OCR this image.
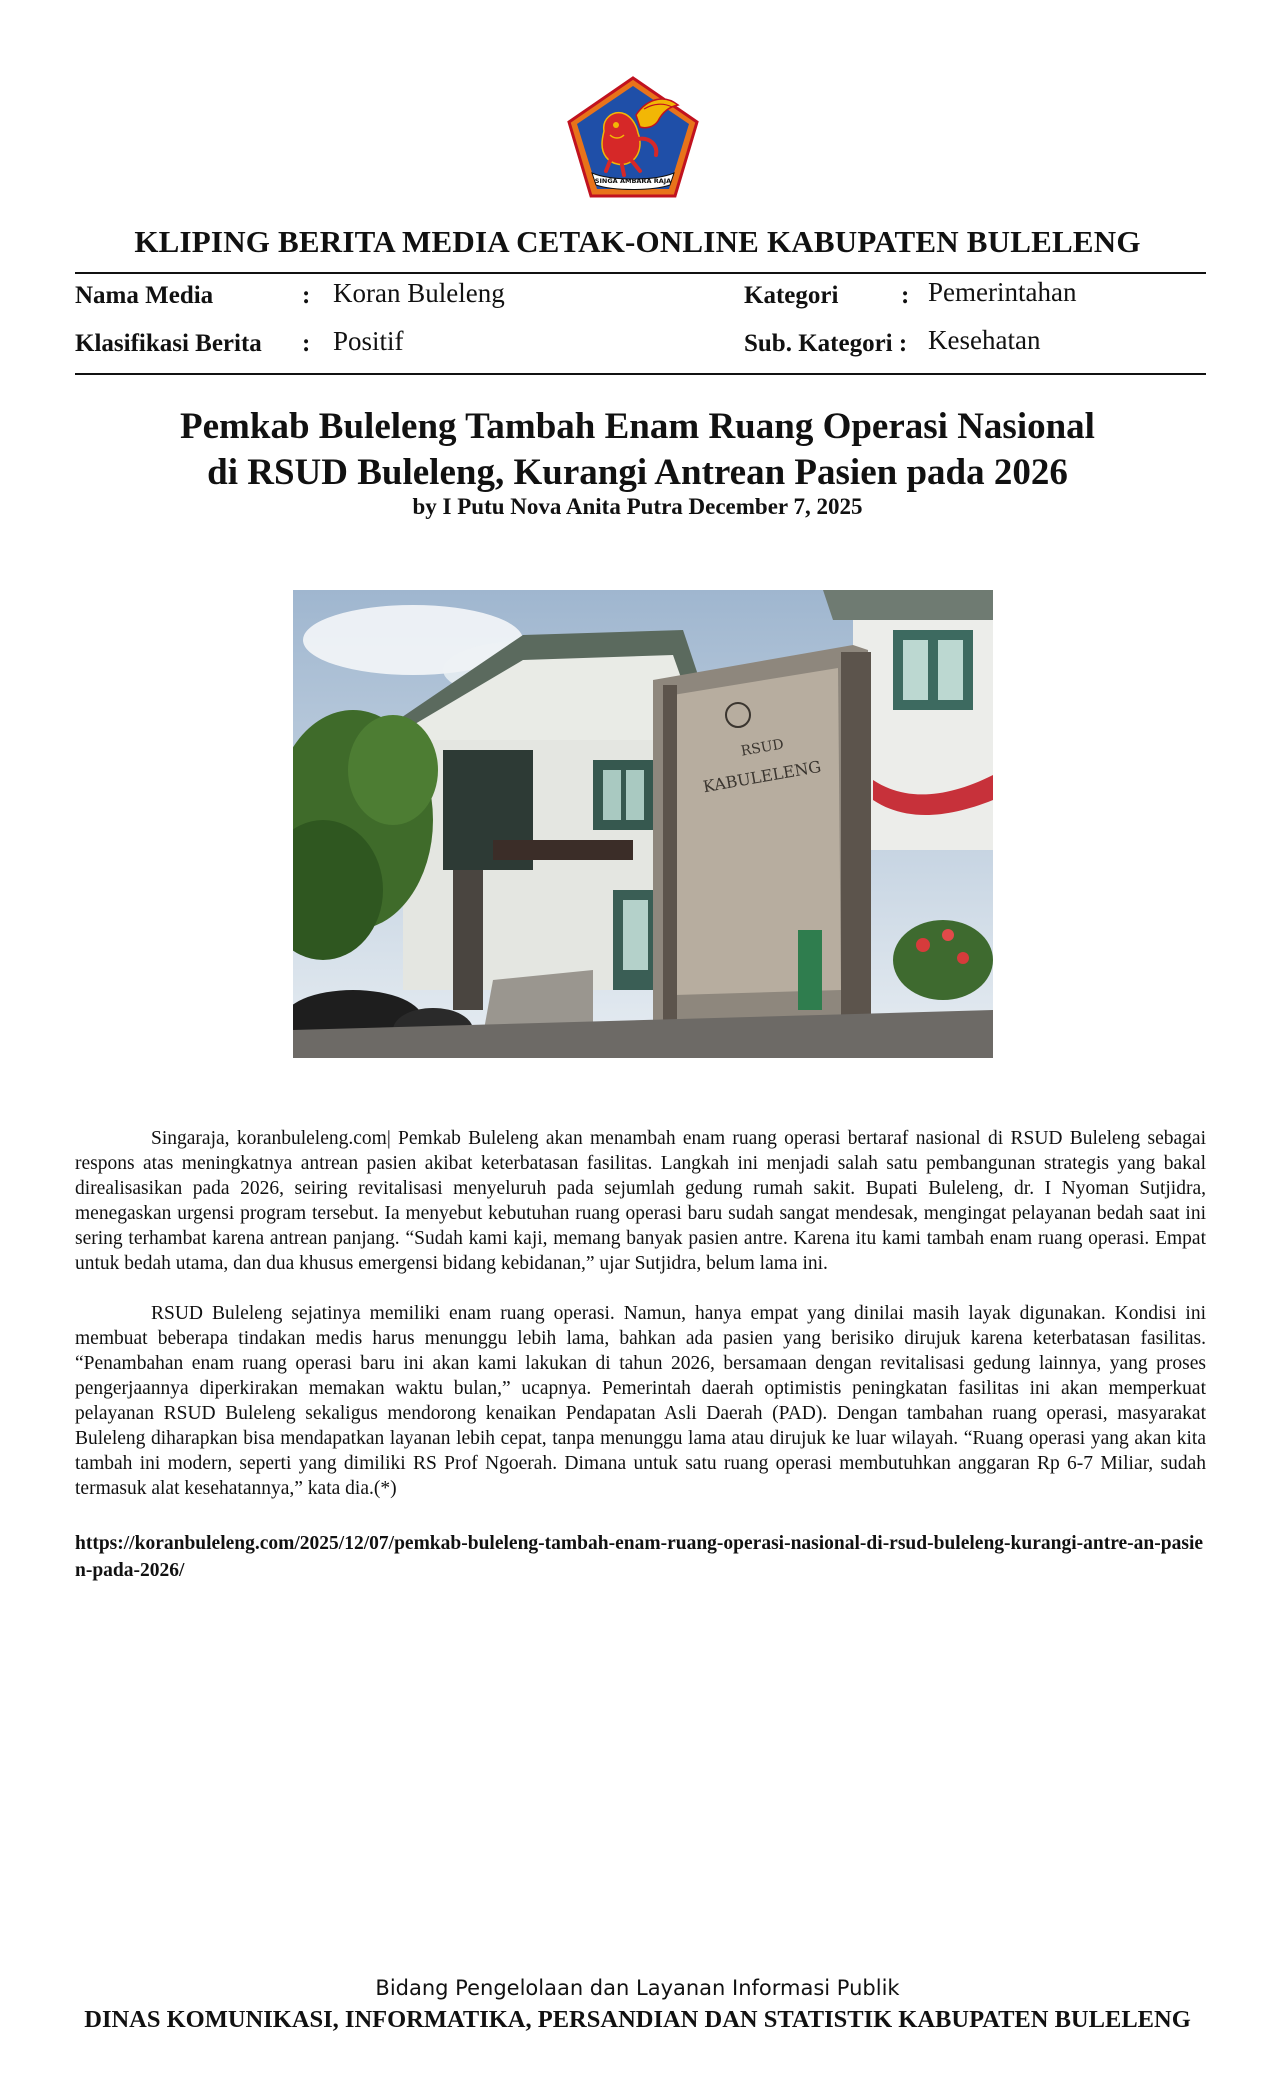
SINGA AMBARA RAJA
KLIPING BERITA MEDIA CETAK-ONLINE KABUPATEN BULELENG
Nama Media	: Koran Buleleng
Klasifikasi Berita : Positif
Kategori	: Pemerintahan
Sub. Kategori : Kesehatan
Pemkab Buleleng Tambah Enam Ruang Operasi Nasional
di RSUD Buleleng, Kurangi Antrean Pasien pada 2026
by I Putu Nova Anita Putra December 7, 2025
RSUD
KABULELENG

Singaraja, koranbuleleng.com| Pemkab Buleleng akan menambah enam ruang operasi bertaraf nasional di RSUD Buleleng sebagai respons atas meningkatnya antrean pasien akibat keterbatasan fasilitas. Langkah ini menjadi salah satu pembangunan strategis yang bakal direalisasikan pada 2026, seiring revitalisasi menyeluruh pada sejumlah gedung rumah sakit. Bupati Buleleng, dr. I Nyoman Sutjidra, menegaskan urgensi program tersebut. Ia menyebut kebutuhan ruang operasi baru sudah sangat mendesak, mengingat pelayanan bedah saat ini sering terhambat karena antrean panjang. “Sudah kami kaji, memang banyak pasien antre. Karena itu kami tambah enam ruang operasi. Empat untuk bedah utama, dan dua khusus emergensi bidang kebidanan,” ujar Sutjidra, belum lama ini.

RSUD Buleleng sejatinya memiliki enam ruang operasi. Namun, hanya empat yang dinilai masih layak digunakan. Kondisi ini membuat beberapa tindakan medis harus menunggu lebih lama, bahkan ada pasien yang berisiko dirujuk karena keterbatasan fasilitas. “Penambahan enam ruang operasi baru ini akan kami lakukan di tahun 2026, bersamaan dengan revitalisasi gedung lainnya, yang proses pengerjaannya diperkirakan memakan waktu bulan,” ucapnya. Pemerintah daerah optimistis peningkatan fasilitas ini akan memperkuat pelayanan RSUD Buleleng sekaligus mendorong kenaikan Pendapatan Asli Daerah (PAD). Dengan tambahan ruang operasi, masyarakat Buleleng diharapkan bisa mendapatkan layanan lebih cepat, tanpa menunggu lama atau dirujuk ke luar wilayah. “Ruang operasi yang akan kita tambah ini modern, seperti yang dimiliki RS Prof Ngoerah. Dimana untuk satu ruang operasi membutuhkan anggaran Rp 6-7 Miliar, sudah termasuk alat kesehatannya,” kata dia.(*)

https://koranbuleleng.com/2025/12/07/pemkab-buleleng-tambah-enam-ruang-operasi-nasional-di-rsud-buleleng-kurangi-antre-an-pasien-pada-2026/
Bidang Pengelolaan dan Layanan Informasi Publik
DINAS KOMUNIKASI, INFORMATIKA, PERSANDIAN DAN STATISTIK KABUPATEN BULELENG
